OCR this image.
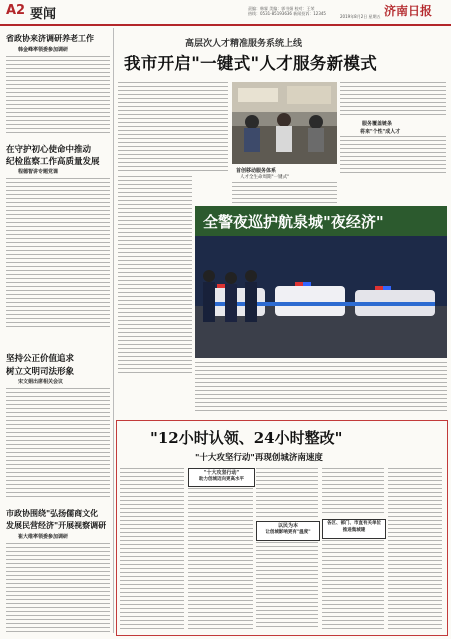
A2 要闻	责编：韩霖 美编：郭书娟 校对：王荣
热线：0531-85193636 新闻投诉：12345
2019年8月2日 星期五 济南日报
省政协来济调研养老工作
韩金峰率领委参加调研
在守护初心使命中推动
纪检监察工作高质量发展
程德智讲专题党课
坚持公正价值追求
树立文明司法形象
宋文娟出席相关会议
市政协围绕"弘扬儒商文化
发展民营经济"开展视察调研
崔大维率领委参加调研
高层次人才精准服务系统上线
我市开启"一键式"人才服务新模式
服务覆盖链条
将来"个性"成人才
首创移动服务体系
人才全生命周期"一键式"
全警夜巡护航泉城"夜经济"
"12小时认领、24小时整改"
"十大攻坚行动"再现创城济南速度
"十大攻坚行动"
助力创城迈向更高水平
以民为本
让创城影响更有"温度"
各区、部门、市直有关单位
推进集城建
